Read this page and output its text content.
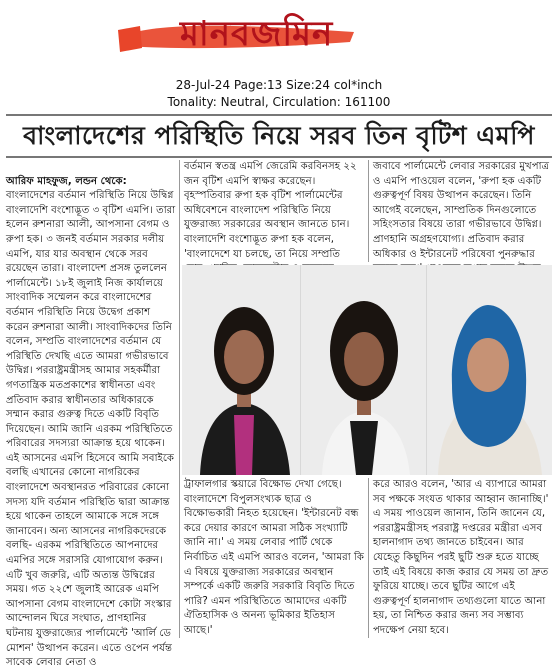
মানবজমিন
28-Jul-24 Page:13 Size:24 col*inch
Tonality: Neutral, Circulation: 161100
বাংলাদেশের পরিস্থিতি নিয়ে সরব তিন বৃটিশ এমপি

আরিফ মাহফুজ, লন্ডন থেকে:
বাংলাদেশের বর্তমান পরিস্থিতি নিয়ে উদ্বিগ্ন বাংলাদেশি বংশোদ্ভূত ৩ বৃটিশ এমপি। তারা হলেন রুশনারা আলী, আপসানা বেগম ও রুপা হক। ৩ জনই বর্তমান সরকার দলীয় এমপি, যার যার অবস্থান থেকে সরব রয়েছেন তারা। বাংলাদেশ প্রসঙ্গ তুললেন পার্লামেন্টে। ১৮ই জুলাই নিজ কার্যালয়ে সাংবাদিক সম্মেলন করে বাংলাদেশের বর্তমান পরিস্থিতি নিয়ে উদ্বেগ প্রকাশ করেন রুশনারা আলী। সাংবাদিকদের তিনি বলেন, সম্প্রতি বাংলাদেশের বর্তমান যে পরিস্থিতি দেখছি এতে আমরা গভীরভাবে উদ্বিগ্ন। পররাষ্ট্রমন্ত্রীসহ আমার সহকর্মীরা গণতান্ত্রিক মতপ্রকাশের স্বাধীনতা এবং প্রতিবাদ করার স্বাধীনতার অধিকারকে সম্মান করার গুরুত্ব দিতে একটি বিবৃতি দিয়েছেন। আমি জানি এরকম পরিস্থিতিতে পরিবারের সদস্যরা আক্রান্ত হয়ে থাকেন। এই আসনের এমপি হিসেবে আমি সবাইকে বলছি এখানের কোনো নাগরিকের বাংলাদেশে অবস্থানরত পরিবারের কোনো সদস্য যদি বর্তমান পরিস্থিতি দ্বারা আক্রান্ত হয়ে থাকেন তাহলে আমাকে সঙ্গে সঙ্গে জানাবেন। অন্য আসনের নাগরিকদেরকে বলছি- এরকম পরিস্থিতিতে আপনাদের এমপির সঙ্গে সরাসরি যোগাযোগ করুন। এটি খুব জরুরি, এটি অত্যন্ত উদ্বিগ্নের সময়। গত ২২শে জুলাই আরেক এমপি আপসানা বেগম বাংলাদেশে কোটা সংস্কার আন্দোলন ঘিরে সংঘাত, প্রাণহানির ঘটনায় যুক্তরাজ্যের পার্লামেন্টে 'আর্লি ডে মোশন' উত্থাপন করেন। এতে ওপেন পর্যন্ত সাবেক লেবার নেতা ও

বর্তমান স্বতন্ত্র এমপি জেরেমি করবিনসহ ২২ জন বৃটিশ এমপি স্বাক্ষর করেছেন। বৃহস্পতিবার রুপা হক বৃটিশ পার্লামেন্টের অধিবেশনে বাংলাদেশ পরিস্থিতি নিয়ে যুক্তরাজ্য সরকারের অবস্থান জানতে চান। বাংলাদেশি বংশোদ্ভূত রুপা হক বলেন, 'বাংলাদেশে যা চলছে, তা নিয়ে সম্প্রতি
জবাবে পার্লামেন্টে লেবার সরকারের মুখপাত্র ও এমপি পাওয়েল বলেন, 'রুপা হক একটি গুরুত্বপূর্ণ বিষয় উত্থাপন করেছেন। তিনি আগেই বলেছেন, সাম্প্রতিক দিনগুলোতে সহিংসতার বিষয়ে তারা গভীরভাবে উদ্বিগ্ন। প্রাণহানি অগ্রহণযোগ্য। প্রতিবাদ করার অধিকার ও ইন্টারনেট পরিষেবা পুনরুদ্ধার
ট্রাফালগার স্কয়ারে বিক্ষোভ দেখা গেছে। বাংলাদেশে বিপুলসংখ্যক ছাত্র ও বিক্ষোভকারী নিহত হয়েছেন। 'ইন্টারনেট বন্ধ করে দেয়ার কারণে আমরা সঠিক সংখ্যাটি জানি না।' এ সময় লেবার পার্টি থেকে নির্বাচিত এই এমপি আরও বলেন, 'আমরা কি এ বিষয়ে যুক্তরাজ্য সরকারের অবস্থান সম্পর্কে একটি জরুরি সরকারি বিবৃতি দিতে পারি? এমন পরিস্থিতিতে আমাদের একটি ঐতিহাসিক ও অনন্য ভূমিকার ইতিহাস আছে।'
করে আরও বলেন, 'আর এ ব্যাপারে আমরা সব পক্ষকে সংযত থাকার আহ্বান জানাচ্ছি।' এ সময় পাওয়েল জানান, তিনি জানেন যে, পররাষ্ট্রমন্ত্রীসহ পররাষ্ট্র দপ্তরের মন্ত্রীরা এসব হালনাগাদ তথ্য জানতে চাইবেন। আর যেহেতু কিছুদিন পরই ছুটি শুরু হতে যাচ্ছে তাই এই বিষয়ে কাজ করার যে সময় তা দ্রুত ফুরিয়ে যাচ্ছে। তবে ছুটির আগে এই গুরুত্বপূর্ণ হালনাগাদ তথ্যগুলো যাতে আনা হয়, তা নিশ্চিত করার জন্য সব সম্ভাব্য পদক্ষেপ নেয়া হবে।
